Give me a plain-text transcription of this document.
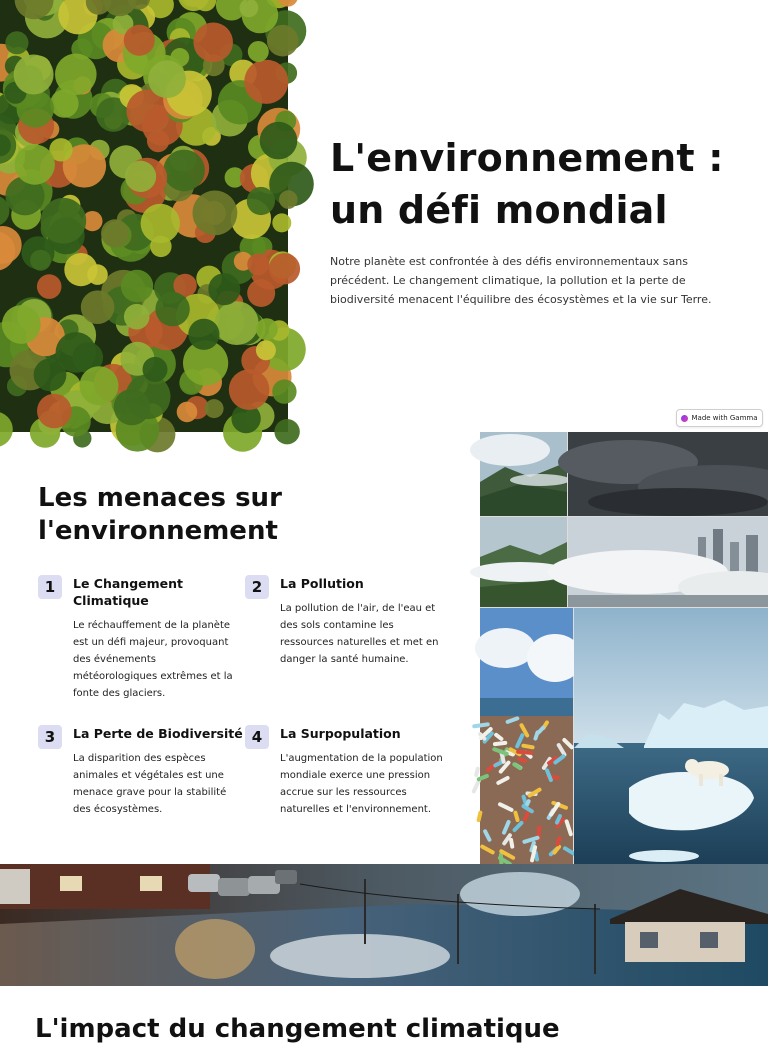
L'environnement : un défi mondial

Notre planète est confrontée à des défis environnementaux sans précédent. Le changement climatique, la pollution et la perte de biodiversité menacent l'équilibre des écosystèmes et la vie sur Terre.

Made with Gamma
Les menaces sur l'environnement
1	Le Changement Climatique
Le réchauffement de la planète est un défi majeur, provoquant des événements météorologiques extrêmes et la fonte des glaciers.
2	La Pollution
La pollution de l'air, de l'eau et des sols contamine les ressources naturelles et met en danger la santé humaine.
3	La Perte de Biodiversité
La disparition des espèces animales et végétales est une menace grave pour la stabilité des écosystèmes.
4	La Surpopulation
L'augmentation de la population mondiale exerce une pression accrue sur les ressources naturelles et l'environnement.
L'impact du changement climatique
